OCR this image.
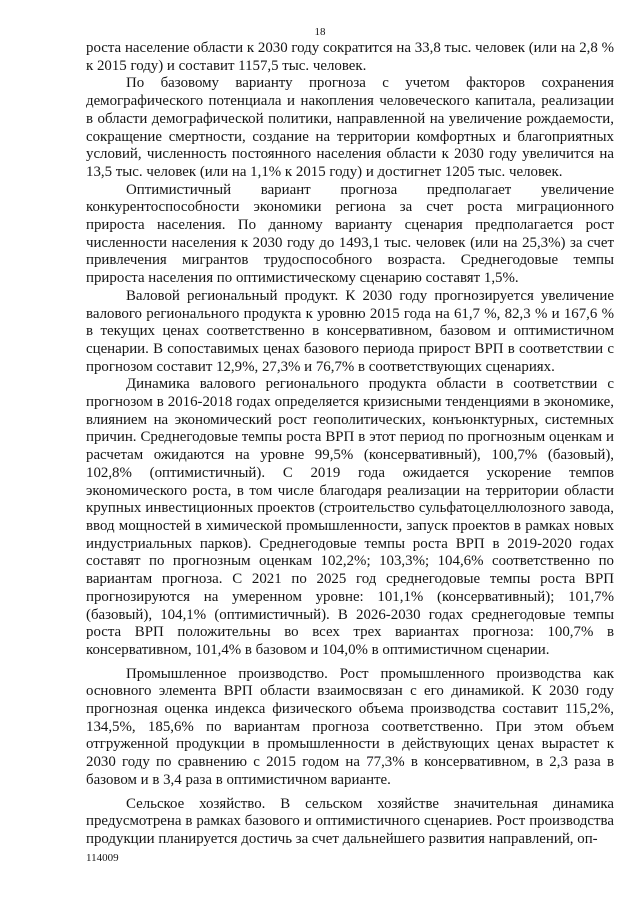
18

роста население области к 2030 году сократится на 33,8 тыс. человек (или на 2,8 % к 2015 году) и составит 1157,5 тыс. человек.

По базовому варианту прогноза с учетом факторов сохранения демографического потенциала и накопления человеческого капитала, реализации в области демографической политики, направленной на увеличение рождаемости, сокращение смертности, создание на территории комфортных и благоприятных условий, численность постоянного населения области к 2030 году увеличится на 13,5 тыс. человек (или на 1,1% к 2015 году) и достигнет 1205 тыс. человек.

Оптимистичный вариант прогноза предполагает увеличение конкурентоспособности экономики региона за счет роста миграционного прироста населения. По данному варианту сценария предполагается рост численности населения к 2030 году до 1493,1 тыс. человек (или на 25,3%) за счет привлечения мигрантов трудоспособного возраста. Среднегодовые темпы прироста населения по оптимистическому сценарию составят 1,5%.

Валовой региональный продукт. К 2030 году прогнозируется увеличение валового регионального продукта к уровню 2015 года на 61,7 %, 82,3 % и 167,6 % в текущих ценах соответственно в консервативном, базовом и оптимистичном сценарии. В сопоставимых ценах базового периода прирост ВРП в соответствии с прогнозом составит 12,9%, 27,3% и 76,7% в соответствующих сценариях.

Динамика валового регионального продукта области в соответствии с прогнозом в 2016-2018 годах определяется кризисными тенденциями в экономике, влиянием на экономический рост геополитических, конъюнктурных, системных причин. Среднегодовые темпы роста ВРП в этот период по прогнозным оценкам и расчетам ожидаются на уровне 99,5% (консервативный), 100,7% (базовый), 102,8% (оптимистичный). С 2019 года ожидается ускорение темпов экономического роста, в том числе благодаря реализации на территории области крупных инвестиционных проектов (строительство сульфатоцеллюлозного завода, ввод мощностей в химической промышленности, запуск проектов в рамках новых индустриальных парков). Среднегодовые темпы роста ВРП в 2019-2020 годах составят по прогнозным оценкам 102,2%; 103,3%; 104,6% соответственно по вариантам прогноза. С 2021 по 2025 год среднегодовые темпы роста ВРП прогнозируются на умеренном уровне: 101,1% (консервативный); 101,7% (базовый), 104,1% (оптимистичный). В 2026-2030 годах среднегодовые темпы роста ВРП положительны во всех трех вариантах прогноза: 100,7% в консервативном, 101,4% в базовом и 104,0% в оптимистичном сценарии.

Промышленное производство. Рост промышленного производства как основного элемента ВРП области взаимосвязан с его динамикой. К 2030 году прогнозная оценка индекса физического объема производства составит 115,2%, 134,5%, 185,6% по вариантам прогноза соответственно. При этом объем отгруженной продукции в промышленности в действующих ценах вырастет к 2030 году по сравнению с 2015 годом на 77,3% в консервативном, в 2,3 раза в базовом и в 3,4 раза в оптимистичном варианте.

Сельское хозяйство. В сельском хозяйстве значительная динамика предусмотрена в рамках базового и оптимистичного сценариев. Рост производства продукции планируется достичь за счет дальнейшего развития направлений, оп-

114009
